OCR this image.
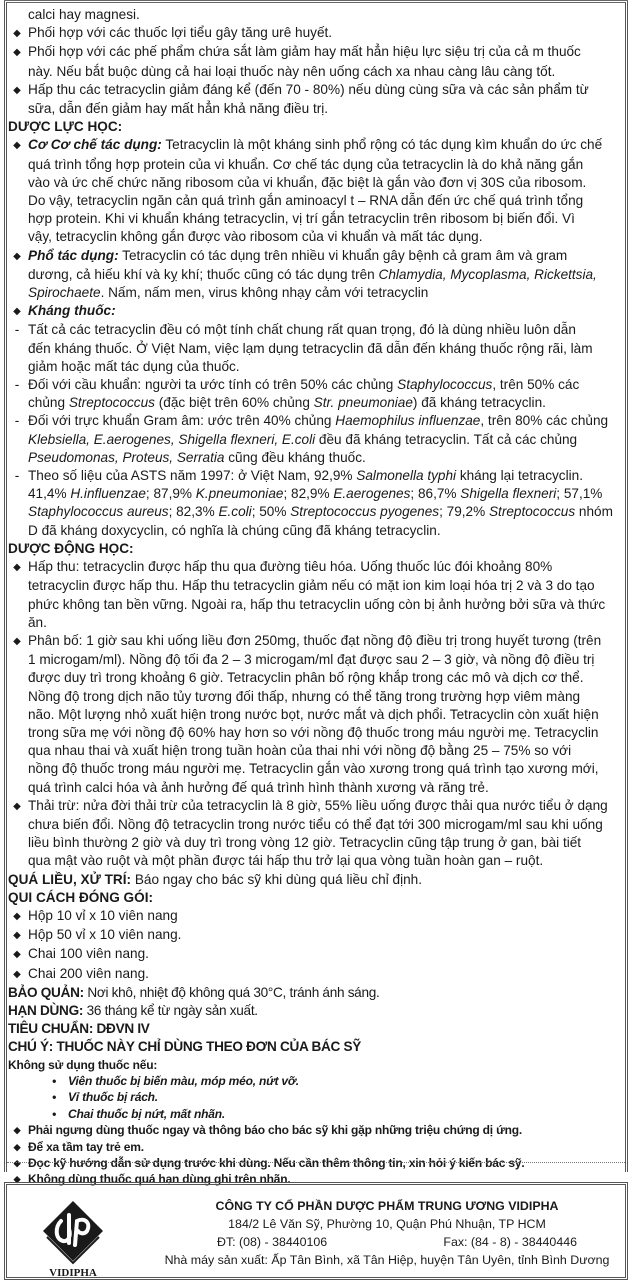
calci hay magnesi.
◆ Phối hợp với các thuốc lợi tiểu gây tăng urê huyết.
◆ Phối hợp với các phế phẩm chứa sắt làm giảm hay mất hẳn hiệu lực siệu trị của cả m thuốc
này. Nếu bắt buộc dùng cả hai loại thuốc này nên uống cách xa nhau càng lâu càng tốt.
◆ Hấp thu các tetracyclin giảm đáng kể (đến 70 - 80%) nếu dùng cùng sữa và các sản phẩm từ
sữa, dẫn đến giảm hay mất hẳn khả năng điều trị.
DƯỢC LỰC HỌC:
◆ Cơ Cơ chế tác dụng: Tetracyclin là một kháng sinh phổ rộng có tác dụng kìm khuẩn do ức chế
quá trình tổng hợp protein của vi khuẩn. Cơ chế tác dụng của tetracyclin là do khả năng gắn
vào và ức chế chức năng ribosom của vi khuẩn, đặc biệt là gắn vào đơn vị 30S của ribosom.
Do vậy, tetracyclin ngăn cản quá trình gắn aminoacyl t – RNA dẫn đến ức chế quá trình tổng
hợp protein. Khi vi khuẩn kháng tetracyclin, vị trí gắn tetracyclin trên ribosom bị biến đổi. Vì
vậy, tetracyclin không gắn được vào ribosom của vi khuẩn và mất tác dụng.
◆ Phổ tác dụng: Tetracyclin có tác dụng trên nhiều vi khuẩn gây bệnh cả gram âm và gram
dương, cả hiếu khí và kỵ khí; thuốc cũng có tác dụng trên Chlamydia, Mycoplasma, Rickettsia,
Spirochaete. Nấm, nấm men, virus không nhạy cảm với tetracyclin
◆ Kháng thuốc:
- Tất cả các tetracyclin đều có một tính chất chung rất quan trọng, đó là dùng nhiều luôn dẫn
đến kháng thuốc. Ở Việt Nam, việc lạm dụng tetracyclin đã dẫn đến kháng thuốc rộng rãi, làm
giảm hoặc mất tác dụng của thuốc.
- Đối với cầu khuẩn: người ta ước tính có trên 50% các chủng Staphylococcus, trên 50% các
chủng Streptococcus (đặc biệt trên 60% chủng Str. pneumoniae) đã kháng tetracyclin.
- Đối với trực khuẩn Gram âm: ước trên 40% chủng Haemophilus influenzae, trên 80% các chủng
Klebsiella, E.aerogenes, Shigella flexneri, E.coli đều đã kháng tetracyclin. Tất cả các chủng
Pseudomonas, Proteus, Serratia cũng đều kháng thuốc.
- Theo số liệu của ASTS năm 1997: ở Việt Nam, 92,9% Salmonella typhi kháng lại tetracyclin.
41,4% H.influenzae; 87,9% K.pneumoniae; 82,9% E.aerogenes; 86,7% Shigella flexneri; 57,1%
Staphylococcus aureus; 82,3% E.coli; 50% Streptococcus pyogenes; 79,2% Streptococcus nhóm
D đã kháng doxycyclin, có nghĩa là chúng cũng đã kháng tetracyclin.
DƯỢC ĐỘNG HỌC:
◆ Hấp thu: tetracyclin được hấp thu qua đường tiêu hóa. Uống thuốc lúc đói khoảng 80%
tetracyclin được hấp thu. Hấp thu tetracyclin giảm nếu có mặt ion kim loại hóa trị 2 và 3 do tạo
phức không tan bền vững. Ngoài ra, hấp thu tetracyclin uống còn bị ảnh hưởng bởi sữa và thức
ăn.
◆ Phân bố: 1 giờ sau khi uống liều đơn 250mg, thuốc đạt nồng độ điều trị trong huyết tương (trên
1 microgam/ml). Nồng độ tối đa 2 – 3 microgam/ml đạt được sau 2 – 3 giờ, và nồng độ điều trị
được duy trì trong khoảng 6 giờ. Tetracyclin phân bố rộng khắp trong các mô và dịch cơ thể.
Nồng độ trong dịch não tủy tương đối thấp, nhưng có thể tăng trong trường hợp viêm màng
não. Một lượng nhỏ xuất hiện trong nước bọt, nước mắt và dịch phổi. Tetracyclin còn xuất hiện
trong sữa mẹ với nồng độ 60% hay hơn so với nồng độ thuốc trong máu người mẹ. Tetracyclin
qua nhau thai và xuất hiện trong tuần hoàn của thai nhi với nồng độ bằng 25 – 75% so với
nồng độ thuốc trong máu người mẹ. Tetracyclin gắn vào xương trong quá trình tạo xương mới,
quá trình calci hóa và ảnh hưởng đế quá trình hình thành xương và răng trẻ.
◆ Thải trừ: nửa đời thải trừ của tetracyclin là 8 giờ, 55% liều uống được thải qua nước tiểu ở dạng
chưa biến đổi. Nồng độ tetracyclin trong nước tiểu có thể đạt tới 300 microgam/ml sau khi uống
liều bình thường 2 giờ và duy trì trong vòng 12 giờ. Tetracyclin cũng tập trung ở gan, bài tiết
qua mật vào ruột và một phần được tái hấp thu trở lại qua vòng tuần hoàn gan – ruột.
QUÁ LIỀU, XỬ TRÍ: Báo ngay cho bác sỹ khi dùng quá liều chỉ định.
QUI CÁCH ĐÓNG GÓI:
◆ Hộp 10 vỉ x 10 viên nang
◆ Hộp 50 vỉ x 10 viên nang.
◆ Chai 100 viên nang.
◆ Chai 200 viên nang.
BẢO QUẢN: Nơi khô, nhiệt độ không quá 30°C, tránh ánh sáng.
HẠN DÙNG: 36 tháng kể từ ngày sản xuất.
TIÊU CHUẨN: DĐVN IV
CHÚ Ý: THUỐC NÀY CHỈ DÙNG THEO ĐƠN CỦA BÁC SỸ
Không sử dụng thuốc nếu:
• Viên thuốc bị biến màu, móp méo, nứt vỡ.
• Vỉ thuốc bị rách.
• Chai thuốc bị nứt, mất nhãn.
◆ Phải ngưng dùng thuốc ngay và thông báo cho bác sỹ khi gặp những triệu chứng dị ứng.
◆ Để xa tầm tay trẻ em.
◆ Đọc kỹ hướng dẫn sử dụng trước khi dùng. Nếu cần thêm thông tin, xin hỏi ý kiến bác sỹ.
◆ Không dùng thuốc quá hạn dùng ghi trên nhãn.
VIDIPHA
CÔNG TY CỔ PHẦN DƯỢC PHẨM TRUNG ƯƠNG VIDIPHA
184/2 Lê Văn Sỹ, Phường 10, Quận Phú Nhuận, TP HCM
ĐT: (08) - 38440106	Fax: (84 - 8) - 38440446
Nhà máy sản xuất: Ấp Tân Bình, xã Tân Hiệp, huyện Tân Uyên, tỉnh Bình Dương
